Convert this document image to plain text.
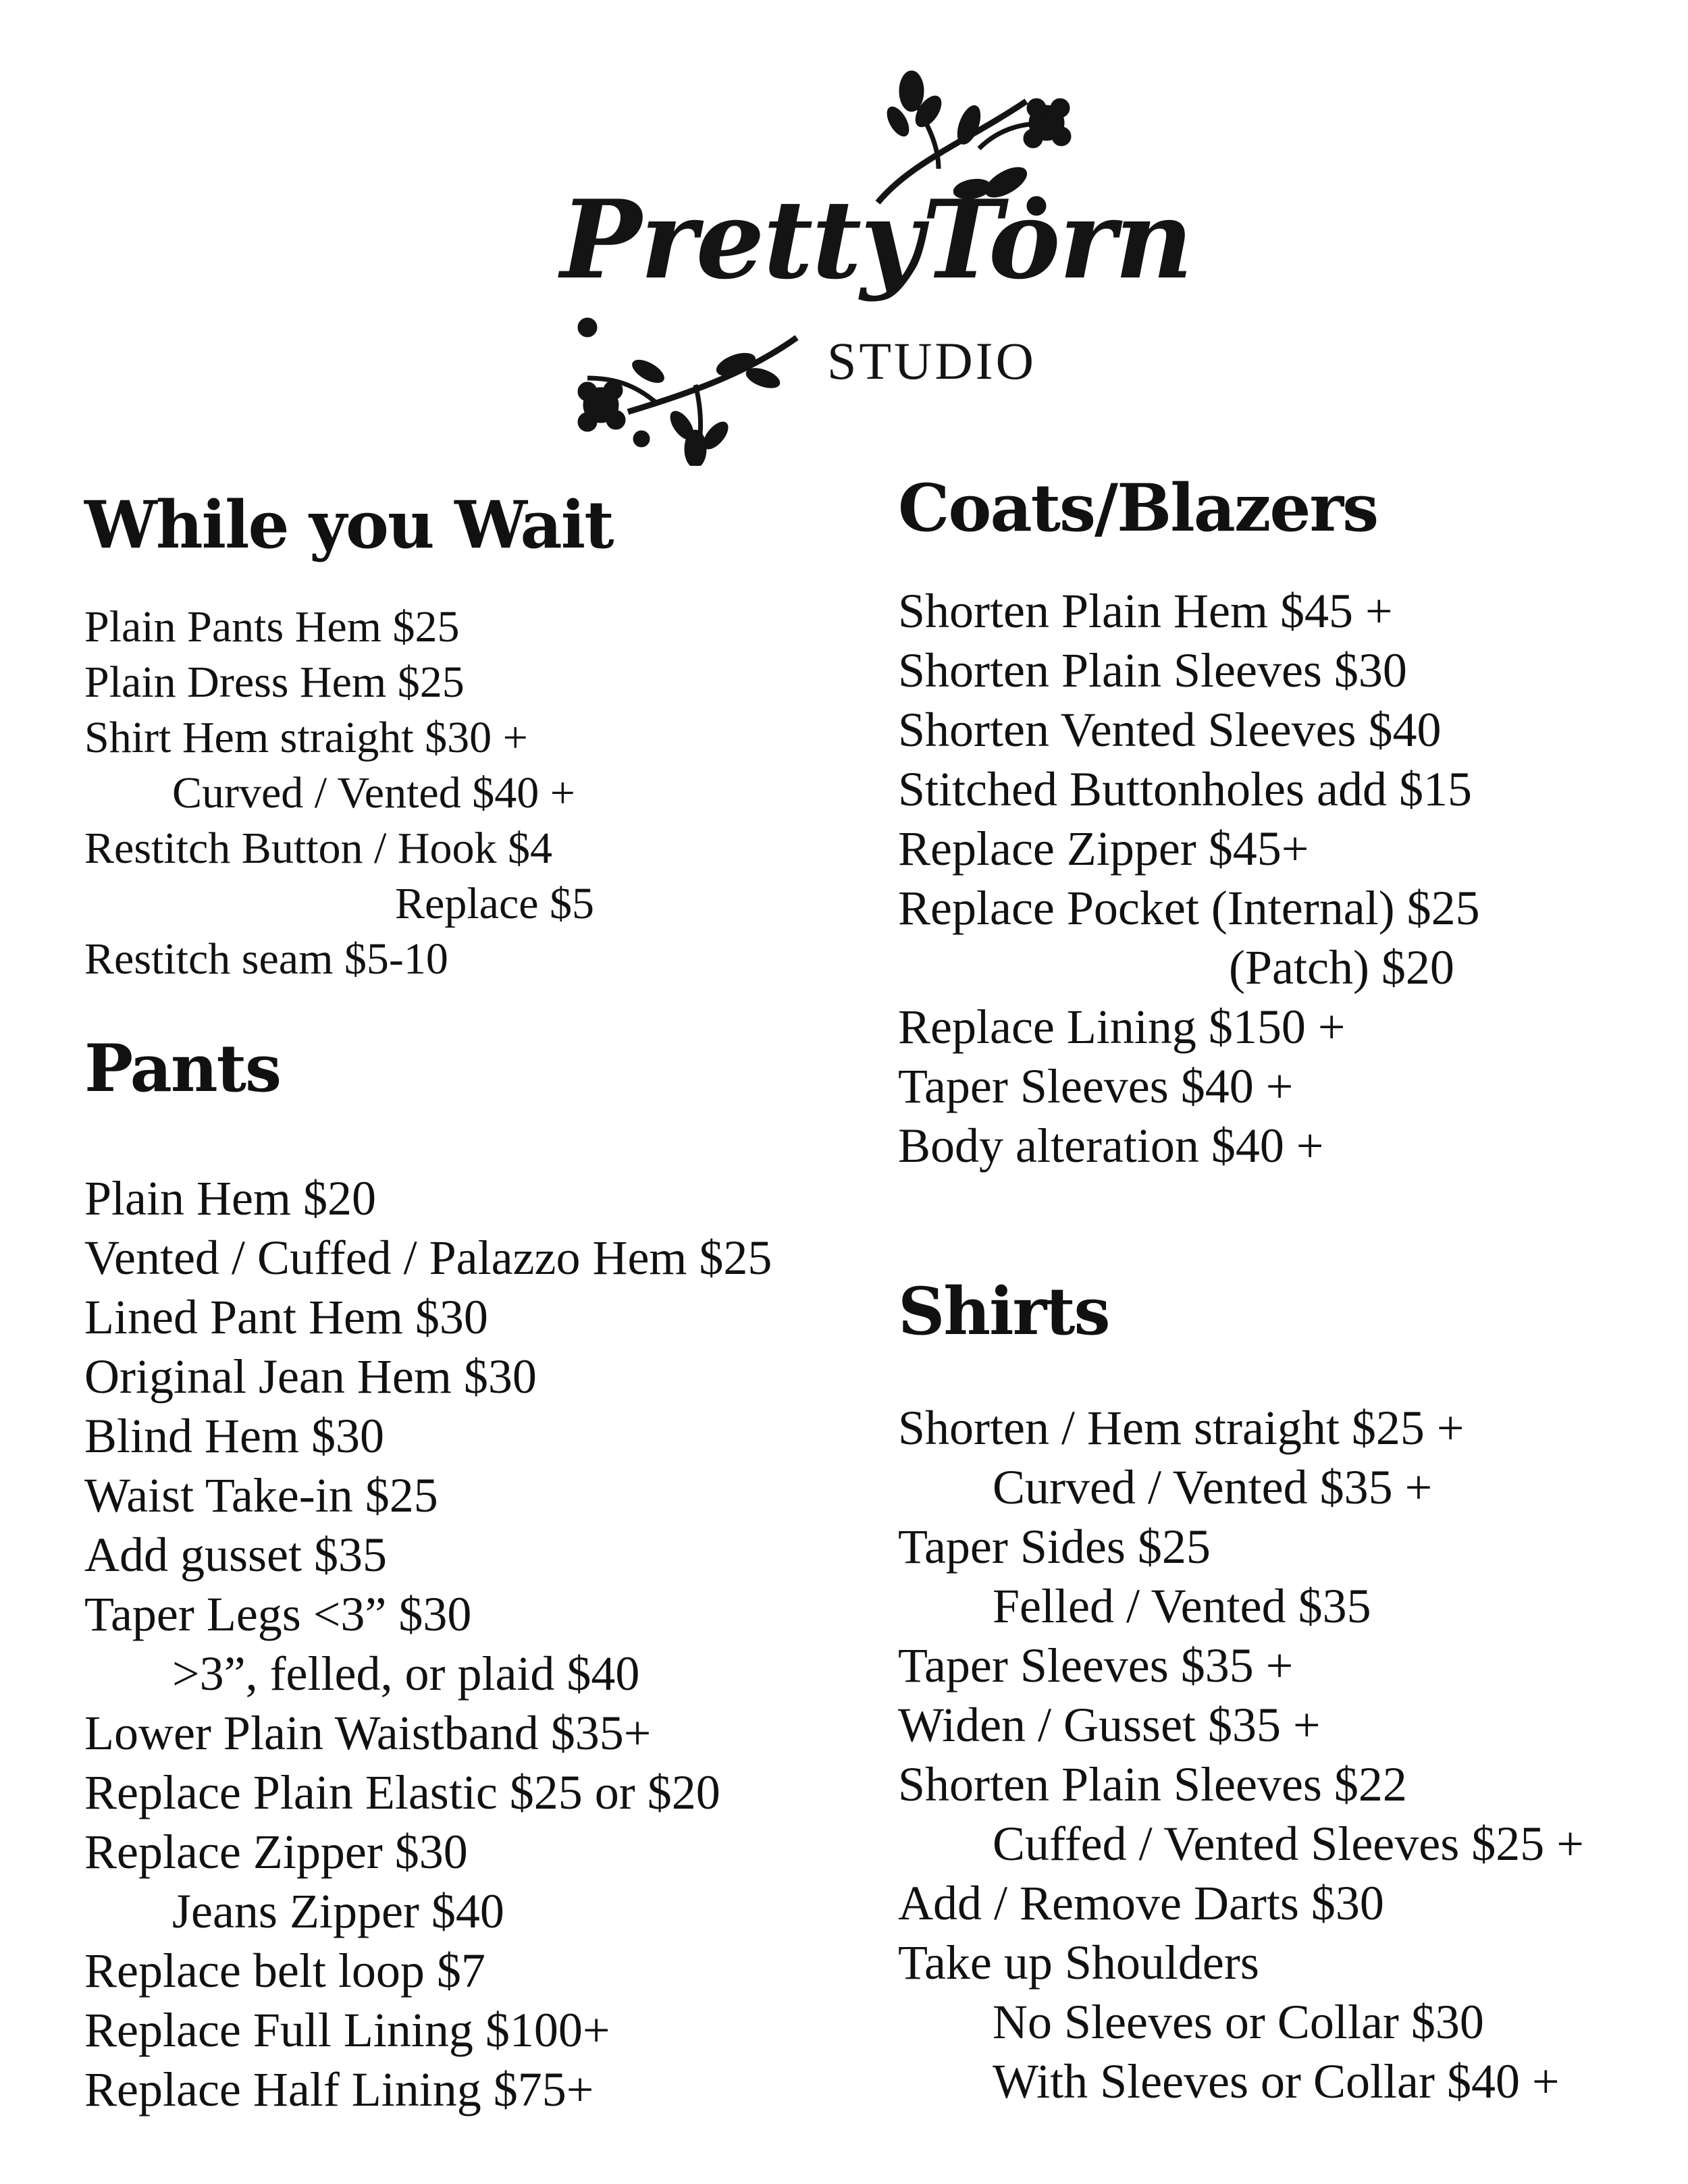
PrettyTorn
STUDIO
While you Wait
Plain Pants Hem $25
Plain Dress Hem $25
Shirt Hem straight $30 +
Curved / Vented $40 +
Restitch Button / Hook $4
Replace $5
Restitch seam $5-10
Pants
Plain Hem $20
Vented / Cuffed / Palazzo Hem $25
Lined Pant Hem $30
Original Jean Hem $30
Blind Hem $30
Waist Take-in $25
Add gusset $35
Taper Legs <3” $30
>3”, felled, or plaid $40
Lower Plain Waistband $35+
Replace Plain Elastic $25 or $20
Replace Zipper $30
Jeans Zipper $40
Replace belt loop $7
Replace Full Lining $100+
Replace Half Lining $75+
Coats/Blazers
Shorten Plain Hem $45 +
Shorten Plain Sleeves $30
Shorten Vented Sleeves $40
Stitched Buttonholes add $15
Replace Zipper $45+
Replace Pocket (Internal) $25
(Patch) $20
Replace Lining $150 +
Taper Sleeves $40 +
Body alteration $40 +
Shirts
Shorten / Hem straight $25 +
Curved / Vented $35 +
Taper Sides $25
Felled / Vented $35
Taper Sleeves $35 +
Widen / Gusset $35 +
Shorten Plain Sleeves $22
Cuffed / Vented Sleeves $25 +
Add / Remove Darts $30
Take up Shoulders
No Sleeves or Collar $30
With Sleeves or Collar $40 +
